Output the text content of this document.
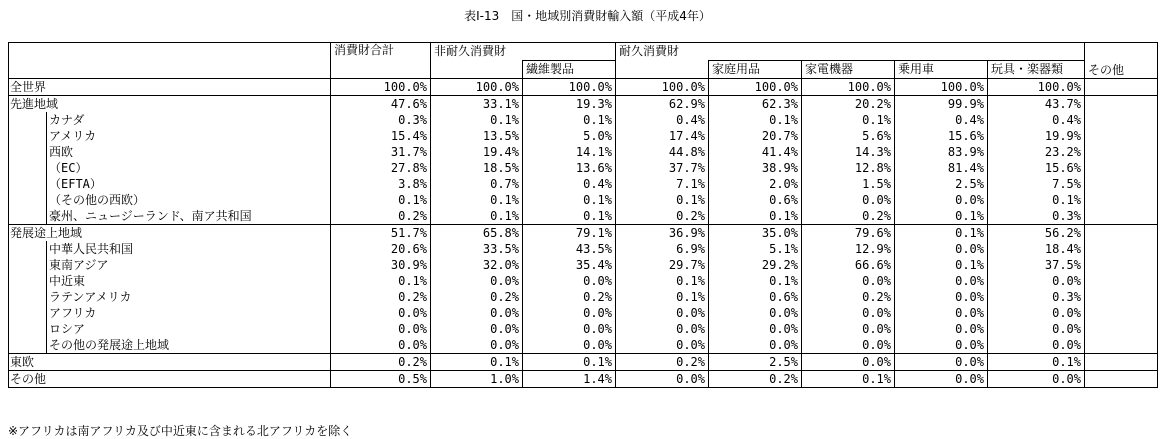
表Ⅰ-13　国・地域別消費財輸入額（平成4年）
		消費財合計	非耐久消費財		耐久消費財					その他
				繊維製品		家庭用品	家電機器	乗用車	玩具・楽器類	
全世界		100.0%	100.0%	100.0%	100.0%	100.0%	100.0%	100.0%	100.0%	
先進地域		47.6%	33.1%	19.3%	62.9%	62.3%	20.2%	99.9%	43.7%	
	カナダ	0.3%	0.1%	0.1%	0.4%	0.1%	0.1%	0.4%	0.4%	
	アメリカ	15.4%	13.5%	5.0%	17.4%	20.7%	5.6%	15.6%	19.9%	
	西欧	31.7%	19.4%	14.1%	44.8%	41.4%	14.3%	83.9%	23.2%	
	（EC）	27.8%	18.5%	13.6%	37.7%	38.9%	12.8%	81.4%	15.6%	
	（EFTA）	3.8%	0.7%	0.4%	7.1%	2.0%	1.5%	2.5%	7.5%	
	（その他の西欧）	0.1%	0.1%	0.1%	0.1%	0.6%	0.0%	0.0%	0.1%	
	豪州、ニュージーランド、南ア共和国	0.2%	0.1%	0.1%	0.2%	0.1%	0.2%	0.1%	0.3%	
発展途上地域		51.7%	65.8%	79.1%	36.9%	35.0%	79.6%	0.1%	56.2%	
	中華人民共和国	20.6%	33.5%	43.5%	6.9%	5.1%	12.9%	0.0%	18.4%	
	東南アジア	30.9%	32.0%	35.4%	29.7%	29.2%	66.6%	0.1%	37.5%	
	中近東	0.1%	0.0%	0.0%	0.1%	0.1%	0.0%	0.0%	0.0%	
	ラテンアメリカ	0.2%	0.2%	0.2%	0.1%	0.6%	0.2%	0.0%	0.3%	
	アフリカ	0.0%	0.0%	0.0%	0.0%	0.0%	0.0%	0.0%	0.0%	
	ロシア	0.0%	0.0%	0.0%	0.0%	0.0%	0.0%	0.0%	0.0%	
	その他の発展途上地域	0.0%	0.0%	0.0%	0.0%	0.0%	0.0%	0.0%	0.0%	
東欧		0.2%	0.1%	0.1%	0.2%	2.5%	0.0%	0.0%	0.1%	
その他		0.5%	1.0%	1.4%	0.0%	0.2%	0.1%	0.0%	0.0%	
※アフリカは南アフリカ及び中近東に含まれる北アフリカを除く
